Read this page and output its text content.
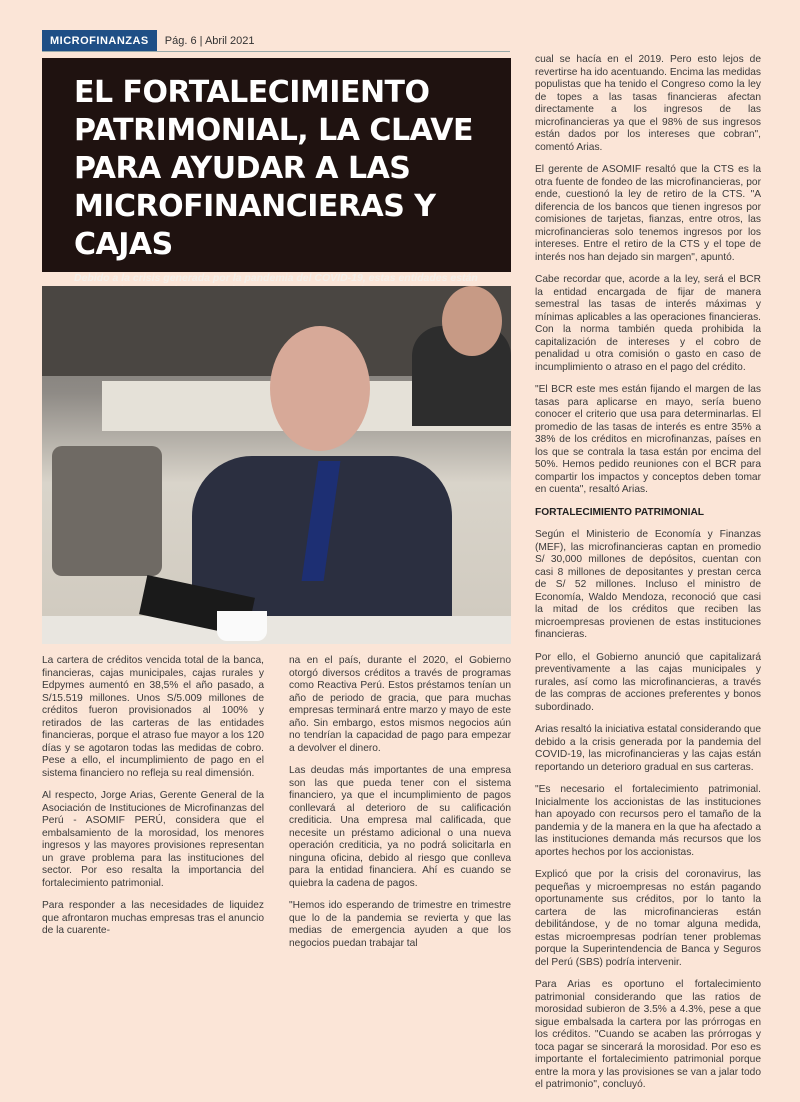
MICROFINANZAS	Pág. 6 | Abril 2021
EL FORTALECIMIENTO PATRIMONIAL, LA CLAVE PARA AYUDAR A LAS MICROFINANCIERAS Y CAJAS
Debido a la crisis generada por la pandemia del COVID-19, estas entidades están

La cartera de créditos vencida total de la banca, financieras, cajas municipales, cajas rurales y Edpymes aumentó en 38,5% el año pasado, a S/15.519 millones. Unos S/5.009 millones de créditos fueron provisionados al 100% y retirados de las carteras de las entidades financieras, porque el atraso fue mayor a los 120 días y se agotaron todas las medidas de cobro. Pese a ello, el incumplimiento de pago en el sistema financiero no refleja su real dimensión.

Al respecto, Jorge Arias, Gerente General de la Asociación de Instituciones de Microfinanzas del Perú - ASOMIF PERÚ, considera que el embalsamiento de la morosidad, los menores ingresos y las mayores provisiones representan un grave problema para las instituciones del sector. Por eso resalta la importancia del fortalecimiento patrimonial.

Para responder a las necesidades de liquidez que afrontaron muchas empresas tras el anuncio de la cuarente-

na en el país, durante el 2020, el Gobierno otorgó diversos créditos a través de programas como Reactiva Perú. Estos préstamos tenían un año de periodo de gracia, que para muchas empresas terminará entre marzo y mayo de este año. Sin embargo, estos mismos negocios aún no tendrían la capacidad de pago para empezar a devolver el dinero.

Las deudas más importantes de una empresa son las que pueda tener con el sistema financiero, ya que el incumplimiento de pagos conllevará al deterioro de su calificación crediticia. Una empresa mal calificada, que necesite un préstamo adicional o una nueva operación crediticia, ya no podrá solicitarla en ninguna oficina, debido al riesgo que conlleva para la entidad financiera. Ahí es cuando se quiebra la cadena de pagos.

"Hemos ido esperando de trimestre en trimestre que lo de la pandemia se revierta y que las medias de emergencia ayuden a que los negocios puedan trabajar tal

cual se hacía en el 2019. Pero esto lejos de revertirse ha ido acentuando. Encima las medidas populistas que ha tenido el Congreso como la ley de topes a las tasas financieras afectan directamente a los ingresos de las microfinancieras ya que el 98% de sus ingresos están dados por los intereses que cobran", comentó Arias.

El gerente de ASOMIF resaltó que la CTS es la otra fuente de fondeo de las microfinancieras, por ende, cuestionó la ley de retiro de la CTS. "A diferencia de los bancos que tienen ingresos por comisiones de tarjetas, fianzas, entre otros, las microfinancieras solo tenemos ingresos por los intereses. Entre el retiro de la CTS y el tope de interés nos han dejado sin margen", apuntó.

Cabe recordar que, acorde a la ley, será el BCR la entidad encargada de fijar de manera semestral las tasas de interés máximas y mínimas aplicables a las operaciones financieras. Con la norma también queda prohibida la capitalización de intereses y el cobro de penalidad u otra comisión o gasto en caso de incumplimiento o atraso en el pago del crédito.

"El BCR este mes están fijando el margen de las tasas para aplicarse en mayo, sería bueno conocer el criterio que usa para determinarlas. El promedio de las tasas de interés es entre 35% a 38% de los créditos en microfinanzas, países en los que se contrala la tasa están por encima del 50%. Hemos pedido reuniones con el BCR para compartir los impactos y conceptos deben tomar en cuenta", resaltó Arias.

FORTALECIMIENTO PATRIMONIAL

Según el Ministerio de Economía y Finanzas (MEF), las microfinancieras captan en promedio S/ 30,000 millones de depósitos, cuentan con casi 8 millones de depositantes y prestan cerca de S/ 52 millones. Incluso el ministro de Economía, Waldo Mendoza, reconoció que casi la mitad de los créditos que reciben las microempresas provienen de estas instituciones financieras.

Por ello, el Gobierno anunció que capitalizará preventivamente a las cajas municipales y rurales, así como las microfinancieras, a través de las compras de acciones preferentes y bonos subordinado.

Arias resaltó la iniciativa estatal considerando que debido a la crisis generada por la pandemia del COVID-19, las microfinancieras y las cajas están reportando un deterioro gradual en sus carteras.

"Es necesario el fortalecimiento patrimonial. Inicialmente los accionistas de las instituciones han apoyado con recursos pero el tamaño de la pandemia y de la manera en la que ha afectado a las instituciones demanda más recursos que los aportes hechos por los accionistas.

Explicó que por la crisis del coronavirus, las pequeñas y microempresas no están pagando oportunamente sus créditos, por lo tanto la cartera de las microfinancieras están debilitándose, y de no tomar alguna medida, estas microempresas podrían tener problemas porque la Superintendencia de Banca y Seguros del Perú (SBS) podría intervenir.

Para Arias es oportuno el fortalecimiento patrimonial considerando que las ratios de morosidad subieron de 3.5% a 4.3%, pese a que sigue embalsada la cartera por las prórrogas en los créditos. "Cuando se acaben las prórrogas y toca pagar se sincerará la morosidad. Por eso es importante el fortalecimiento patrimonial porque entre la mora y las provisiones se van a jalar todo el patrimonio", concluyó.
